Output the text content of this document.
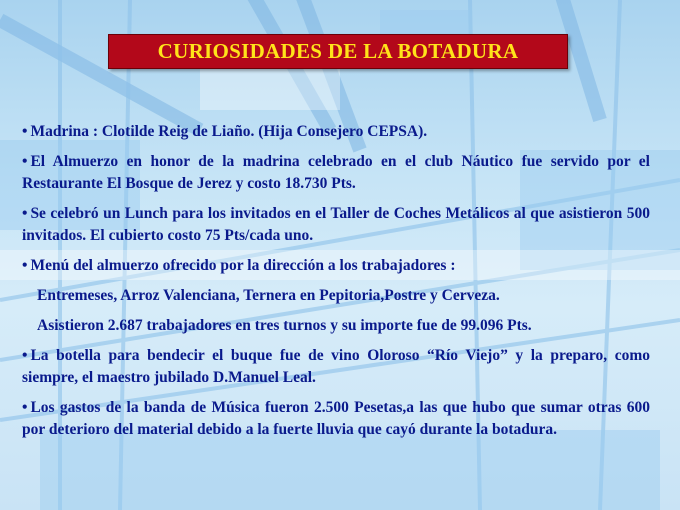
CURIOSIDADES DE LA BOTADURA

• Madrina : Clotilde Reig de Liaño. (Hija Consejero CEPSA).

• El Almuerzo en honor de la madrina celebrado en el club Náutico fue servido por el Restaurante El Bosque de Jerez y costo 18.730 Pts.

• Se celebró un Lunch para los invitados en el Taller de Coches Metálicos al que asistieron 500 invitados. El cubierto costo 75 Pts/cada uno.

• Menú del almuerzo ofrecido por la dirección a los trabajadores :

Entremeses, Arroz Valenciana, Ternera en Pepitoria,Postre y Cerveza.

Asistieron 2.687 trabajadores en tres turnos y su importe fue de 99.096 Pts.

• La botella para bendecir el buque fue de vino Oloroso “Río Viejo” y la preparo, como siempre, el maestro jubilado D.Manuel Leal.

• Los gastos de la banda de Música fueron 2.500 Pesetas,a las que hubo que sumar otras 600 por deterioro del material debido a la fuerte lluvia que cayó durante la botadura.
